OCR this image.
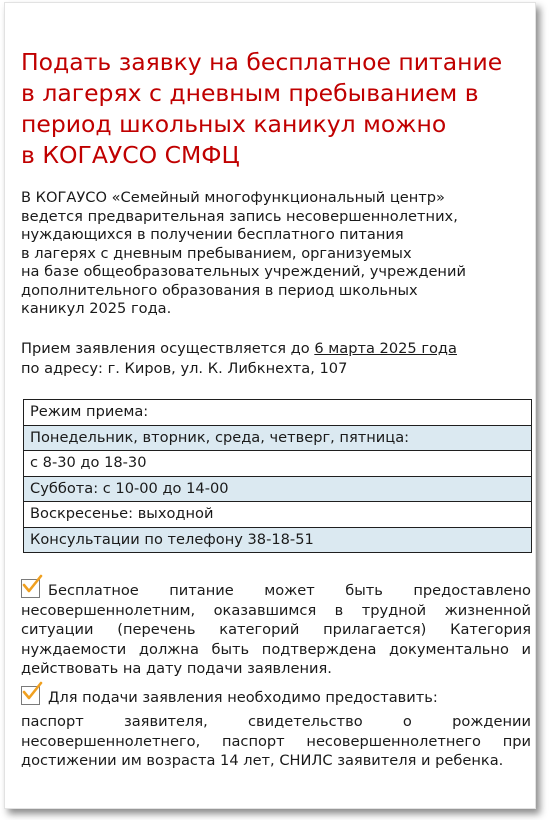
Подать заявку на бесплатное питание
в лагерях с дневным пребыванием в
период школьных каникул можно
в КОГАУСО СМФЦ

В КОГАУСО «Семейный многофункциональный центр»
ведется предварительная запись несовершеннолетних,
нуждающихся в получении бесплатного питания
в лагерях с дневным пребыванием, организуемых
на базе общеобразовательных учреждений, учреждений
дополнительного образования в период школьных
каникул 2025 года.

Прием заявления осуществляется до 6 марта 2025 года
по адресу: г. Киров, ул. К. Либкнехта, 107

Режим приема:
Понедельник, вторник, среда, четверг, пятница:
с 8-30 до 18-30
Суббота: с 10-00 до 14-00
Воскресенье: выходной
Консультации по телефону 38-18-51

Бесплатное питание может быть предоставлено несовершеннолетним, оказавшимся в трудной жизненной ситуации (перечень категорий прилагается) Категория нуждаемости должна быть подтверждена документально и действовать на дату подачи заявления.

Для подачи заявления необходимо предоставить:

паспорт заявителя, свидетельство о рождении несовершеннолетнего, паспорт несовершеннолетнего при достижении им возраста 14 лет, СНИЛС заявителя и ребенка.
